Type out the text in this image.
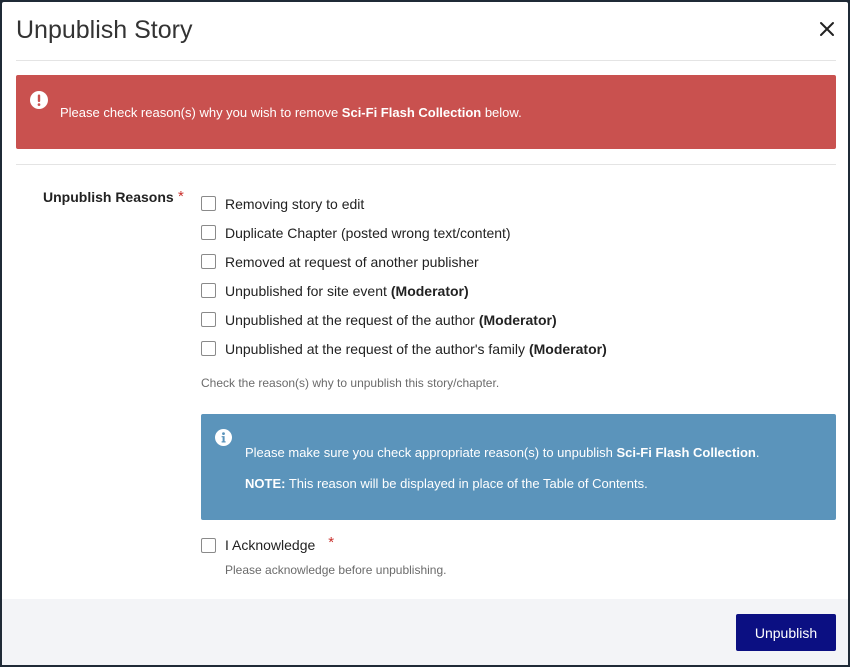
Unpublish Story
Please check reason(s) why you wish to remove Sci-Fi Flash Collection below.
Unpublish Reasons *	Removing story to edit
Duplicate Chapter (posted wrong text/content)
Removed at request of another publisher
Unpublished for site event (Moderator)
Unpublished at the request of the author (Moderator)
Unpublished at the request of the author's family (Moderator)
Check the reason(s) why to unpublish this story/chapter.
Please make sure you check appropriate reason(s) to unpublish Sci-Fi Flash Collection.
NOTE: This reason will be displayed in place of the Table of Contents.
I Acknowledge *
Please acknowledge before unpublishing.
Unpublish
